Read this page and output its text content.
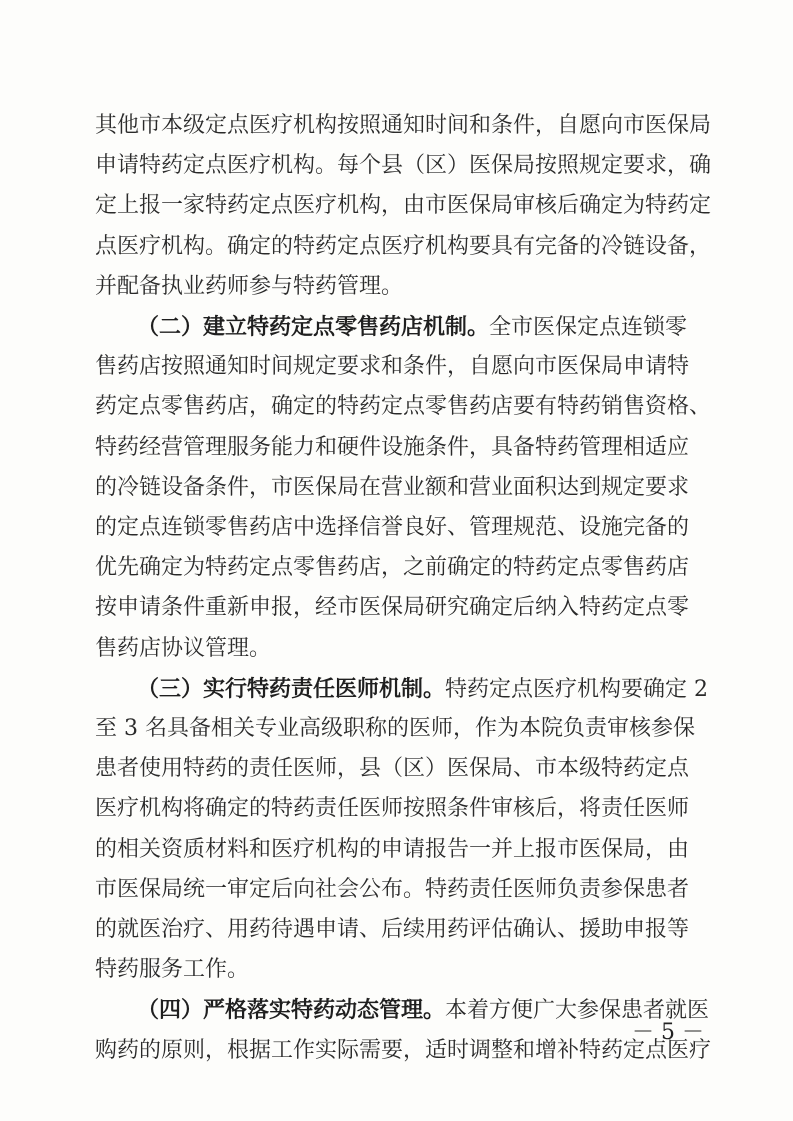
其他市本级定点医疗机构按照通知时间和条件，自愿向市医保局
申请特药定点医疗机构。每个县（区）医保局按照规定要求，确
定上报一家特药定点医疗机构，由市医保局审核后确定为特药定
点医疗机构。确定的特药定点医疗机构要具有完备的冷链设备，
并配备执业药师参与特药管理。
（二）建立特药定点零售药店机制。全市医保定点连锁零
售药店按照通知时间规定要求和条件，自愿向市医保局申请特
药定点零售药店，确定的特药定点零售药店要有特药销售资格、
特药经营管理服务能力和硬件设施条件，具备特药管理相适应
的冷链设备条件，市医保局在营业额和营业面积达到规定要求
的定点连锁零售药店中选择信誉良好、管理规范、设施完备的
优先确定为特药定点零售药店，之前确定的特药定点零售药店
按申请条件重新申报，经市医保局研究确定后纳入特药定点零
售药店协议管理。
（三）实行特药责任医师机制。特药定点医疗机构要确定 2
至 3 名具备相关专业高级职称的医师，作为本院负责审核参保
患者使用特药的责任医师，县（区）医保局、市本级特药定点
医疗机构将确定的特药责任医师按照条件审核后，将责任医师
的相关资质材料和医疗机构的申请报告一并上报市医保局，由
市医保局统一审定后向社会公布。特药责任医师负责参保患者
的就医治疗、用药待遇申请、后续用药评估确认、援助申报等
特药服务工作。
（四）严格落实特药动态管理。本着方便广大参保患者就医
购药的原则，根据工作实际需要，适时调整和增补特药定点医疗
－ 5 －
